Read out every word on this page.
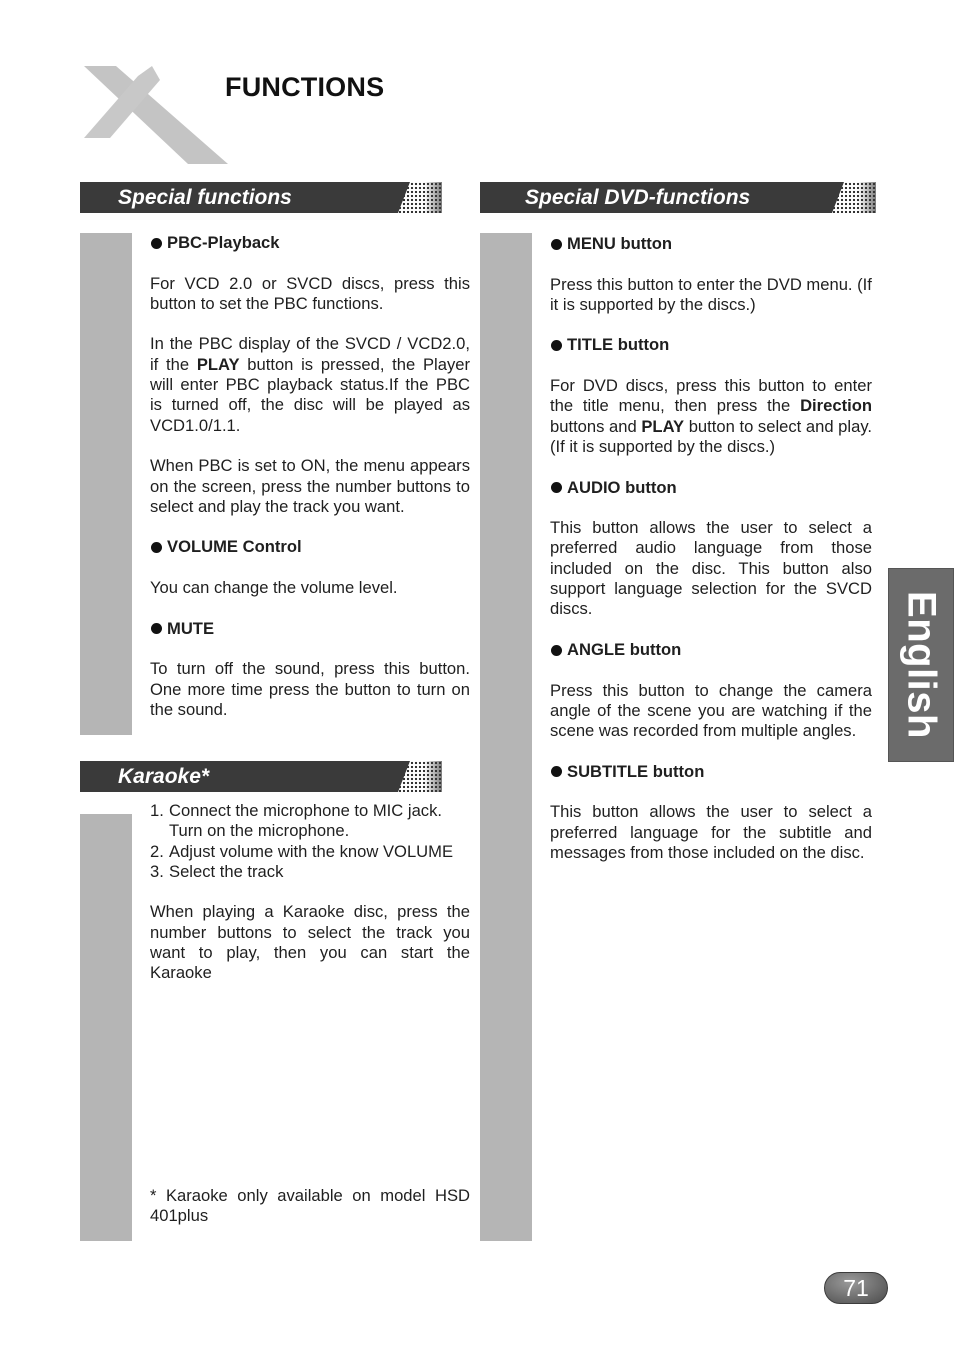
FUNCTIONS
Special functions
PBC-Playback

For VCD 2.0 or SVCD discs, press this button to set the PBC functions.

In the PBC display of the SVCD / VCD2.0, if the PLAY button is pressed, the Player will enter PBC playback status.If the PBC is turned off, the disc will be played as VCD1.0/1.1.

When PBC is set to ON, the menu appears on the screen, press the number buttons to select and play the track you want.

VOLUME Control

You can change the volume level.

MUTE

To turn off the sound, press this button. One more time press the button to turn on the sound.

Karaoke*
1. Connect the microphone to MIC jack.
Turn on the microphone.
2. Adjust volume with the know VOLUME
3. Select the track

When playing a Karaoke disc, press the number buttons to select the track you want to play, then you can start the Karaoke

* Karaoke only available on model HSD 401plus

Special DVD-functions
MENU button

Press this button to enter the DVD menu. (If it is supported by the discs.)

TITLE button

For DVD discs, press this button to enter the title menu, then press the Direction buttons and PLAY button to select and play. (If it is supported by the discs.)

AUDIO button

This button allows the user to select a preferred audio language from those included on the disc. This button also support language selection for the SVCD discs.

ANGLE button

Press this button to change the camera angle of the scene you are watching if the scene was recorded from multiple angles.

SUBTITLE button

This button allows the user to select a preferred language for the subtitle and messages from those included on the disc.

English
71
